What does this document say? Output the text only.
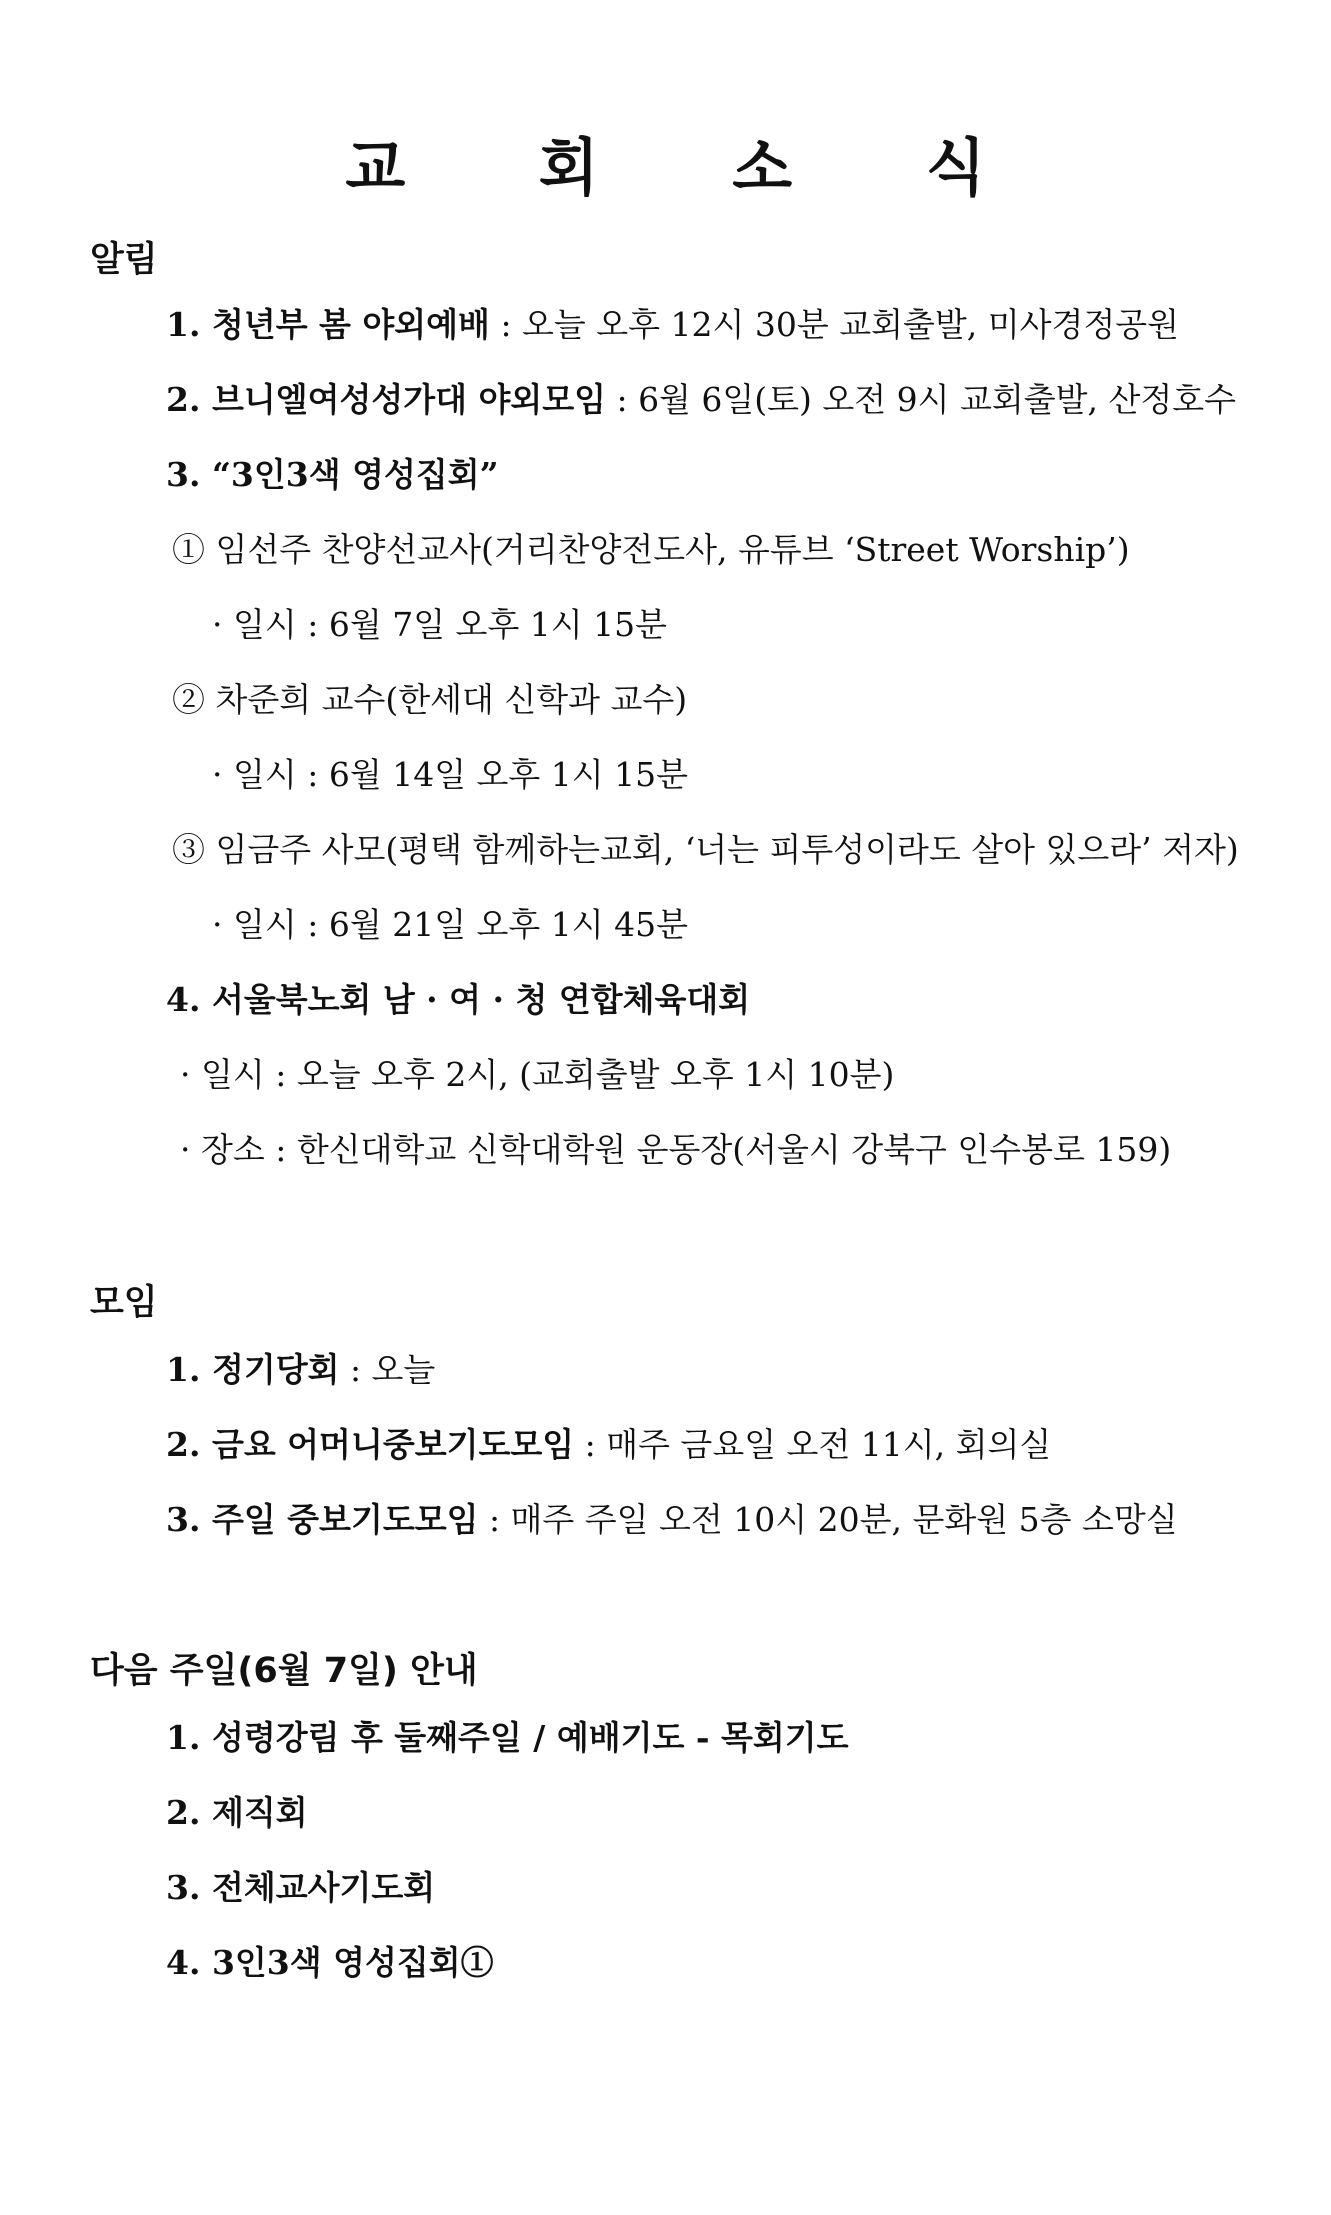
교 회 소 식
알림
1. 청년부 봄 야외예배 : 오늘 오후 12시 30분 교회출발, 미사경정공원
2. 브니엘여성성가대 야외모임 : 6월 6일(토) 오전 9시 교회출발, 산정호수
3. “3인3색 영성집회”
① 임선주 찬양선교사(거리찬양전도사, 유튜브 ‘Street Worship’)
· 일시 : 6월 7일 오후 1시 15분
② 차준희 교수(한세대 신학과 교수)
· 일시 : 6월 14일 오후 1시 15분
③ 임금주 사모(평택 함께하는교회, ‘너는 피투성이라도 살아 있으라’ 저자)
· 일시 : 6월 21일 오후 1시 45분
4. 서울북노회 남 · 여 · 청 연합체육대회
· 일시 : 오늘 오후 2시, (교회출발 오후 1시 10분)
· 장소 : 한신대학교 신학대학원 운동장(서울시 강북구 인수봉로 159)
모임
1. 정기당회 : 오늘
2. 금요 어머니중보기도모임 : 매주 금요일 오전 11시, 회의실
3. 주일 중보기도모임 : 매주 주일 오전 10시 20분, 문화원 5층 소망실
다음 주일(6월 7일) 안내
1. 성령강림 후 둘째주일 / 예배기도 - 목회기도
2. 제직회
3. 전체교사기도회
4. 3인3색 영성집회①
